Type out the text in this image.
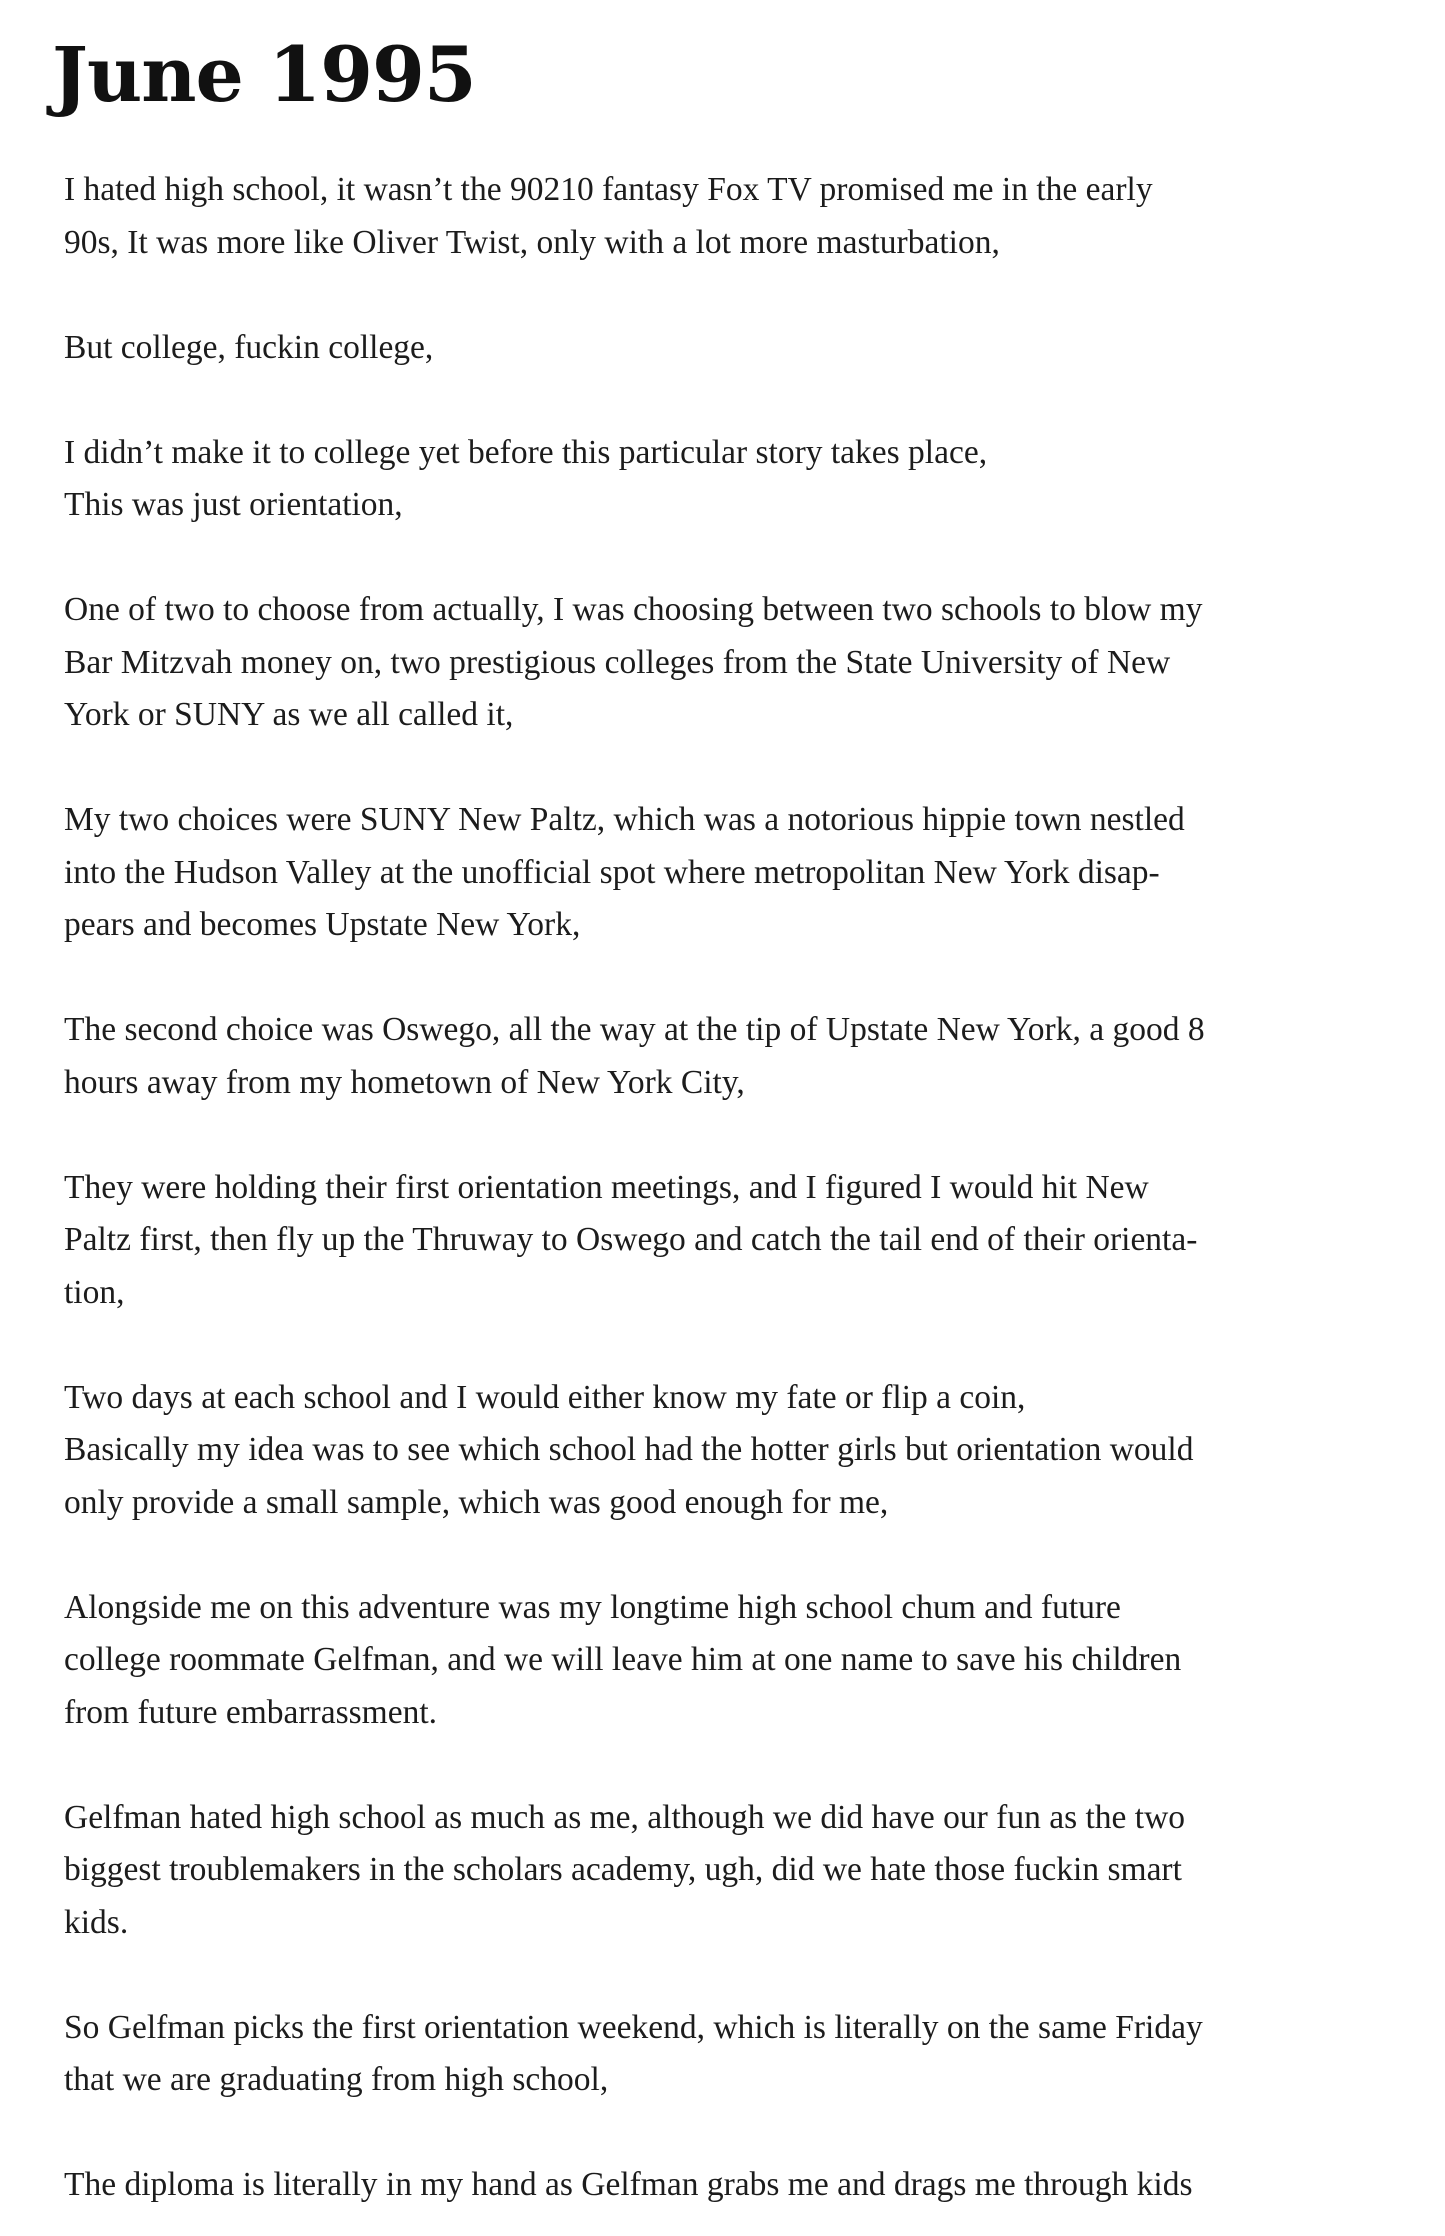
June 1995

I hated high school, it wasn’t the 90210 fantasy Fox TV promised me in the early
90s, It was more like Oliver Twist, only with a lot more masturbation,

But college, fuckin college,

I didn’t make it to college yet before this particular story takes place,
This was just orientation,

One of two to choose from actually, I was choosing between two schools to blow my
Bar Mitzvah money on, two prestigious colleges from the State University of New
York or SUNY as we all called it,

My two choices were SUNY New Paltz, which was a notorious hippie town nestled
into the Hudson Valley at the unofficial spot where metropolitan New York disap-
pears and becomes Upstate New York,

The second choice was Oswego, all the way at the tip of Upstate New York, a good 8
hours away from my hometown of New York City,

They were holding their first orientation meetings, and I figured I would hit New
Paltz first, then fly up the Thruway to Oswego and catch the tail end of their orienta-
tion,

Two days at each school and I would either know my fate or flip a coin,
Basically my idea was to see which school had the hotter girls but orientation would
only provide a small sample, which was good enough for me,

Alongside me on this adventure was my longtime high school chum and future
college roommate Gelfman, and we will leave him at one name to save his children
from future embarrassment.

Gelfman hated high school as much as me, although we did have our fun as the two
biggest troublemakers in the scholars academy, ugh, did we hate those fuckin smart
kids.

So Gelfman picks the first orientation weekend, which is literally on the same Friday
that we are graduating from high school,

The diploma is literally in my hand as Gelfman grabs me and drags me through kids
